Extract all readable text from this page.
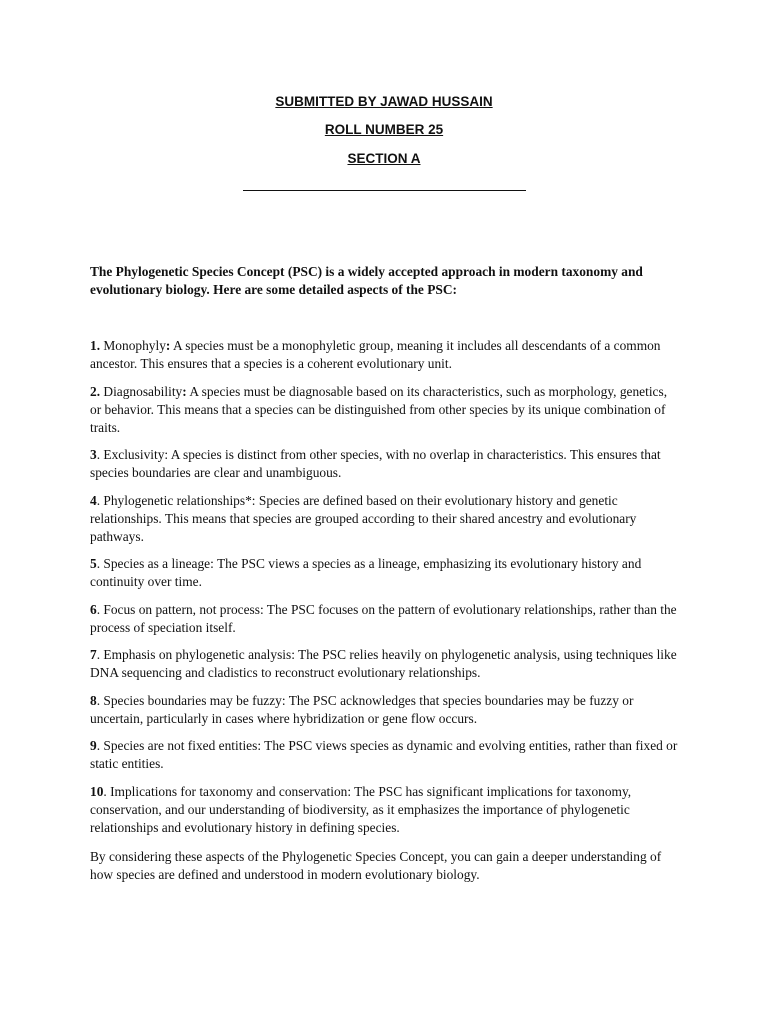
SUBMITTED BY JAWAD HUSSAIN
ROLL NUMBER 25
SECTION A

The Phylogenetic Species Concept (PSC) is a widely accepted approach in modern taxonomy and evolutionary biology. Here are some detailed aspects of the PSC:

1. Monophyly: A species must be a monophyletic group, meaning it includes all descendants of a common ancestor. This ensures that a species is a coherent evolutionary unit.

2. Diagnosability: A species must be diagnosable based on its characteristics, such as morphology, genetics, or behavior. This means that a species can be distinguished from other species by its unique combination of traits.

3. Exclusivity: A species is distinct from other species, with no overlap in characteristics. This ensures that species boundaries are clear and unambiguous.

4. Phylogenetic relationships*: Species are defined based on their evolutionary history and genetic relationships. This means that species are grouped according to their shared ancestry and evolutionary pathways.

5. Species as a lineage: The PSC views a species as a lineage, emphasizing its evolutionary history and continuity over time.

6. Focus on pattern, not process: The PSC focuses on the pattern of evolutionary relationships, rather than the process of speciation itself.

7. Emphasis on phylogenetic analysis: The PSC relies heavily on phylogenetic analysis, using techniques like DNA sequencing and cladistics to reconstruct evolutionary relationships.

8. Species boundaries may be fuzzy: The PSC acknowledges that species boundaries may be fuzzy or uncertain, particularly in cases where hybridization or gene flow occurs.

9. Species are not fixed entities: The PSC views species as dynamic and evolving entities, rather than fixed or static entities.

10. Implications for taxonomy and conservation: The PSC has significant implications for taxonomy, conservation, and our understanding of biodiversity, as it emphasizes the importance of phylogenetic relationships and evolutionary history in defining species.

By considering these aspects of the Phylogenetic Species Concept, you can gain a deeper understanding of how species are defined and understood in modern evolutionary biology.
